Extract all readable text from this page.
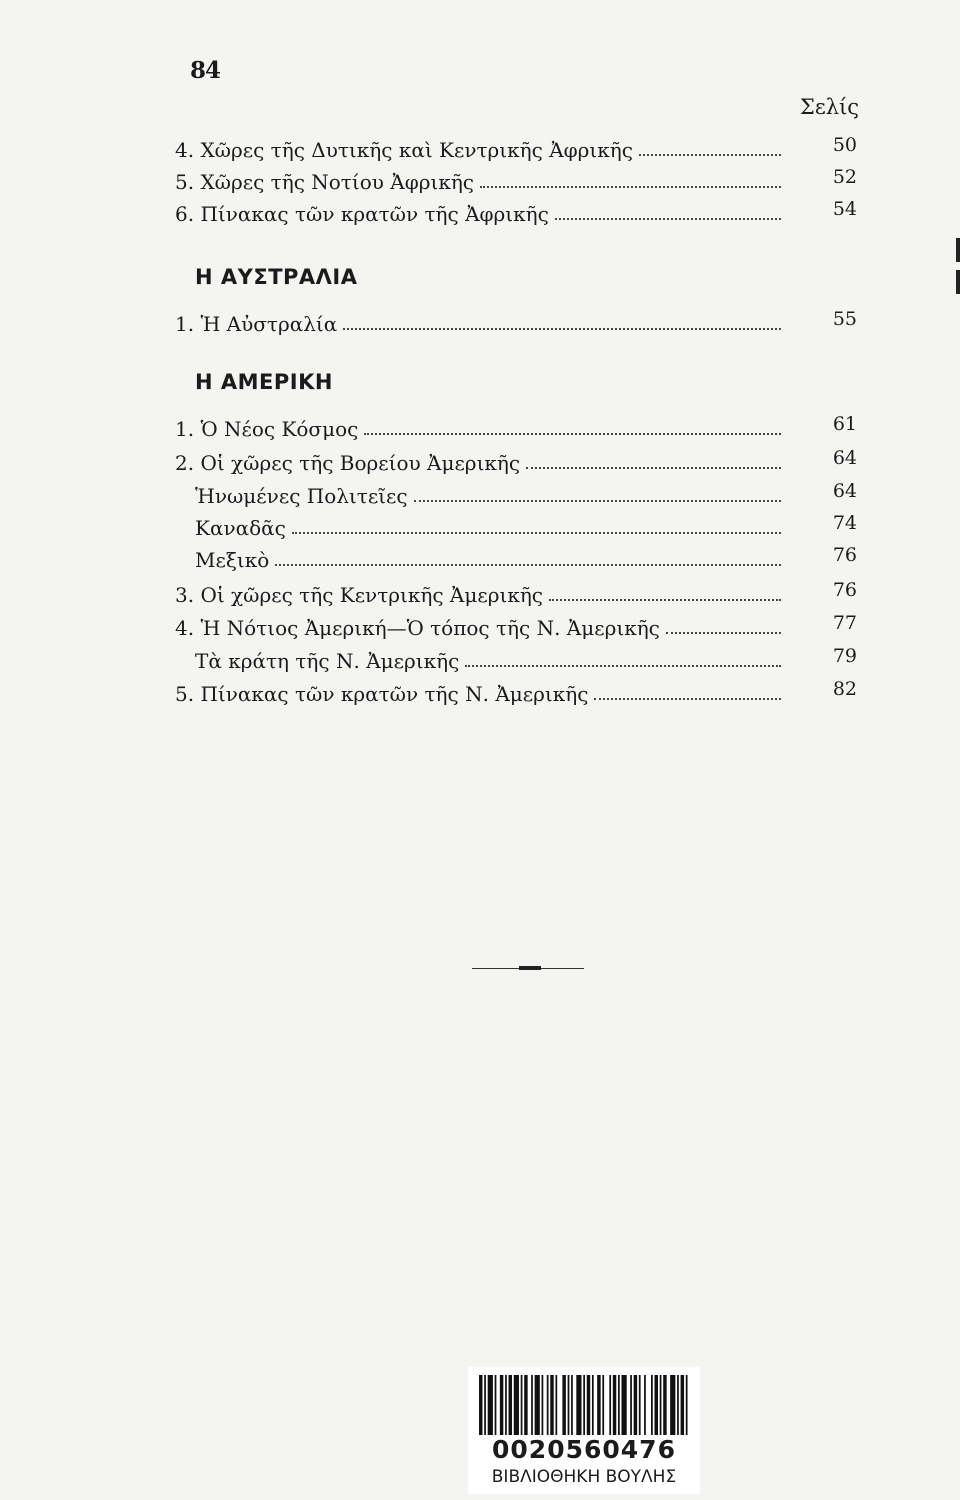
84
Σελίς
4. Χῶρες τῆς Δυτικῆς καὶ Κεντρικῆς Ἀφρικῆς	50
5. Χῶρες τῆς Νοτίου Ἀφρικῆς	52
6. Πίνακας τῶν κρατῶν τῆς Ἀφρικῆς	54
Η ΑΥΣΤΡΑΛΙΑ
1. Ἡ Αὐστραλία	55
Η ΑΜΕΡΙΚΗ
1. Ὁ Νέος Κόσμος	61
2. Οἱ χῶρες τῆς Βορείου Ἀμερικῆς	64
Ἡνωμένες Πολιτεῖες	64
Καναδᾶς	74
Μεξικὸ	76
3. Οἱ χῶρες τῆς Κεντρικῆς Ἀμερικῆς	76
4. Ἡ Νότιος Ἀμερική—Ὁ τόπος τῆς Ν. Ἀμερικῆς	77
Τὰ κράτη τῆς Ν. Ἀμερικῆς	79
5. Πίνακας τῶν κρατῶν τῆς Ν. Ἀμερικῆς	82
0020560476
ΒΙΒΛΙΟΘΗΚΗ ΒΟΥΛΗΣ
